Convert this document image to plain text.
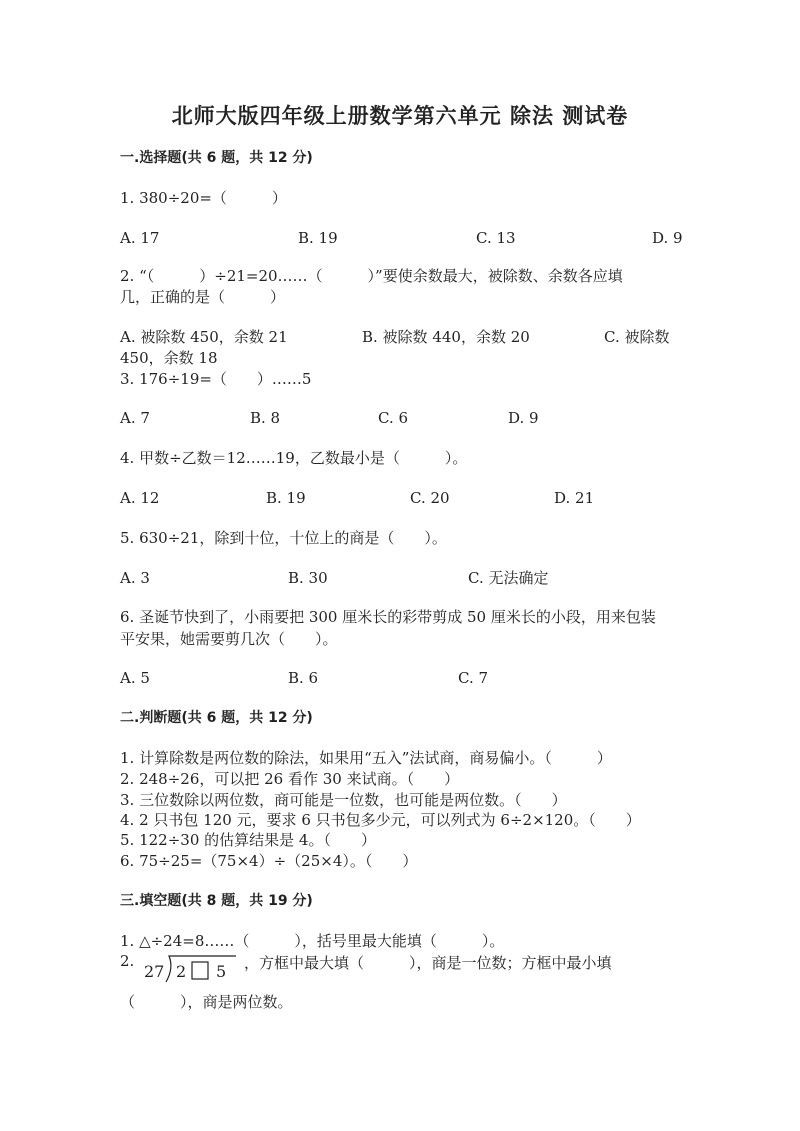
北师大版四年级上册数学第六单元 除法 测试卷
一.选择题(共 6 题，共 12 分)
1. 380÷20=（　　　）
A. 17	B. 19	C. 13	D. 9
2. “（　　　）÷21=20……（　　　）”要使余数最大，被除数、余数各应填
几，正确的是（　　　）
A. 被除数 450，余数 21	B. 被除数 440，余数 20	C. 被除数
450，余数 18
3. 176÷19=（　　）……5
A. 7	B. 8	C. 6	D. 9
4. 甲数÷乙数＝12……19，乙数最小是（　　　）。
A. 12	B. 19	C. 20	D. 21
5. 630÷21，除到十位，十位上的商是（　　）。
A. 3	B. 30	C. 无法确定
6. 圣诞节快到了，小雨要把 300 厘米长的彩带剪成 50 厘米长的小段，用来包装
平安果，她需要剪几次（　　）。
A. 5	B. 6	C. 7
二.判断题(共 6 题，共 12 分)
1. 计算除数是两位数的除法，如果用“五入”法试商，商易偏小。（　　　）
2. 248÷26，可以把 26 看作 30 来试商。（　　）
3. 三位数除以两位数，商可能是一位数，也可能是两位数。（　　）
4. 2 只书包 120 元，要求 6 只书包多少元，可以列式为 6÷2×120。（　　）
5. 122÷30 的估算结果是 4。（　　）
6. 75÷25=（75×4）÷（25×4）。（　　）
三.填空题(共 8 题，共 19 分)
1. △÷24=8……（　　　），括号里最大能填（　　　）。
2.
27 2 5 ，方框中最大填（　　　），商是一位数；方框中最小填
（　　　），商是两位数。
